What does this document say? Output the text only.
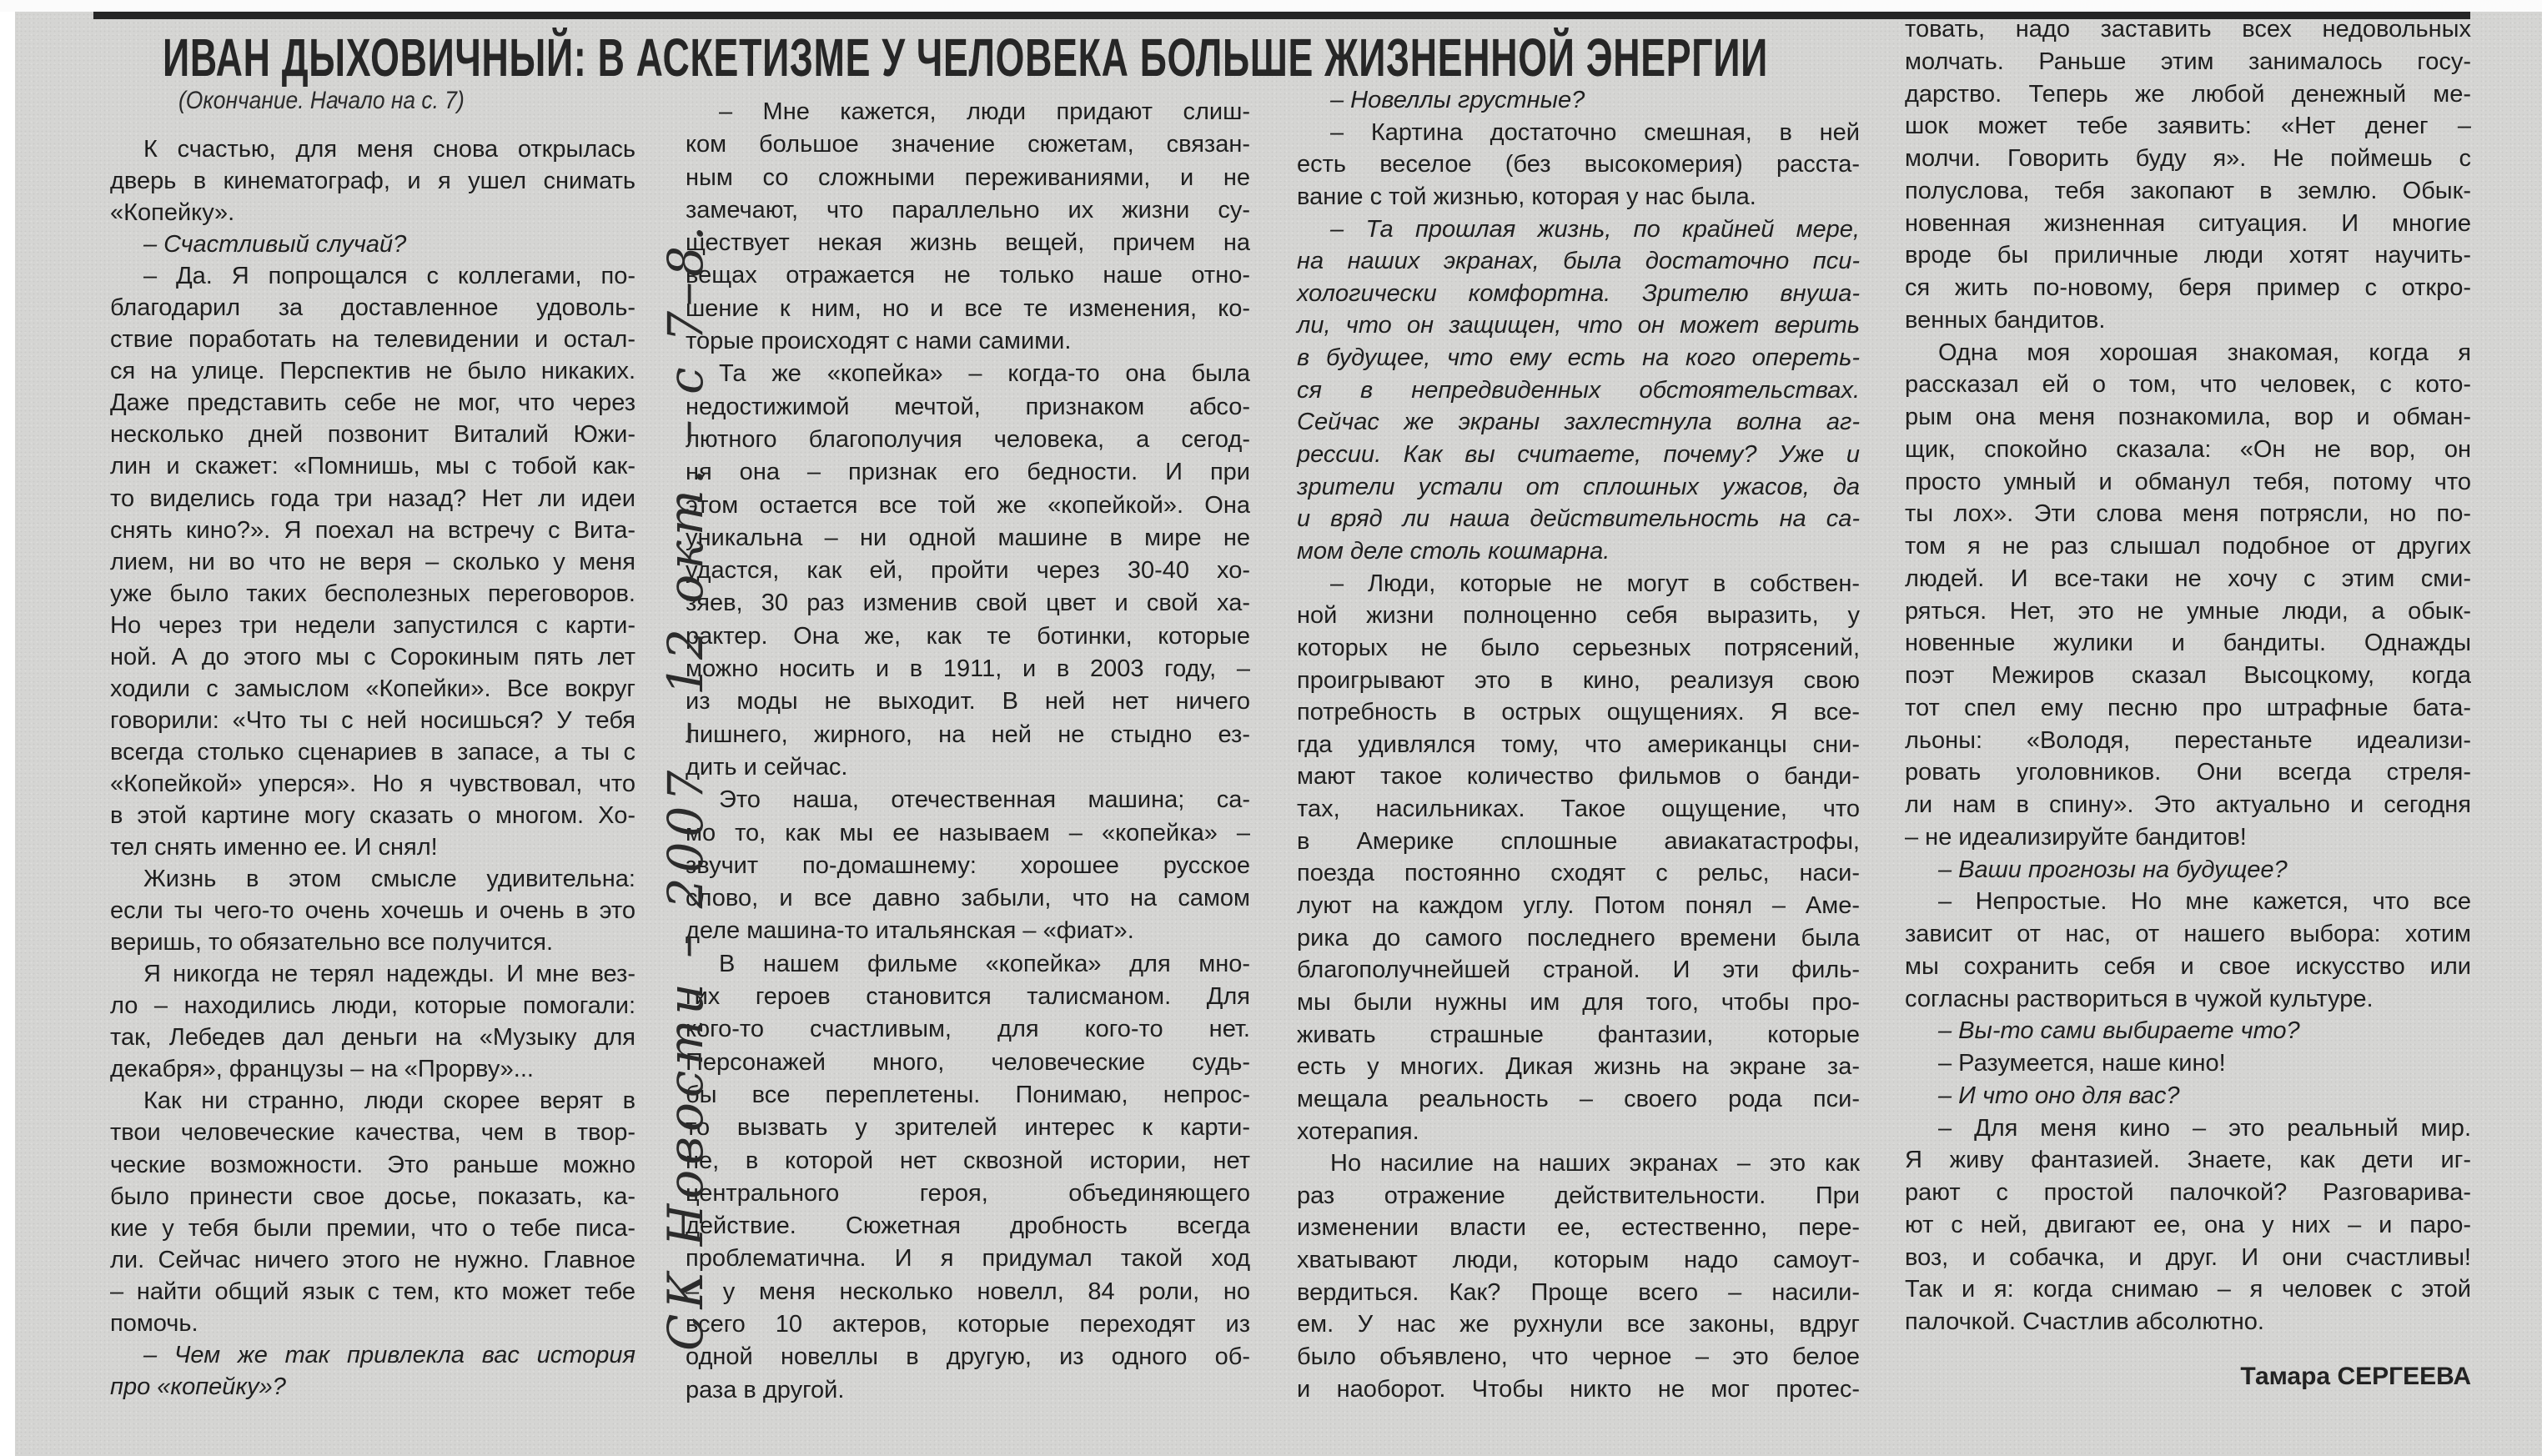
ИВАН ДЫХОВИЧНЫЙ: В АСКЕТИЗМЕ У ЧЕЛОВЕКА БОЛЬШЕ ЖИЗНЕННОЙ ЭНЕРГИИ
(Окончание. Начало на с. 7)
К счастью, для меня снова открылась
дверь в кинематограф, и я ушел снимать
«Копейку».
– Счастливый случай?
– Да. Я попрощался с коллегами, по-
благодарил за доставленное удоволь-
ствие поработать на телевидении и остал-
ся на улице. Перспектив не было никаких.
Даже представить себе не мог, что через
несколько дней позвонит Виталий Южи-
лин и скажет: «Помнишь, мы с тобой как-
то виделись года три назад? Нет ли идеи
снять кино?». Я поехал на встречу с Вита-
лием, ни во что не веря – сколько у меня
уже было таких бесполезных переговоров.
Но через три недели запустился с карти-
ной. А до этого мы с Сорокиным пять лет
ходили с замыслом «Копейки». Все вокруг
говорили: «Что ты с ней носишься? У тебя
всегда столько сценариев в запасе, а ты с
«Копейкой» уперся». Но я чувствовал, что
в этой картине могу сказать о многом. Хо-
тел снять именно ее. И снял!
Жизнь в этом смысле удивительна:
если ты чего-то очень хочешь и очень в это
веришь, то обязательно все получится.
Я никогда не терял надежды. И мне вез-
ло – находились люди, которые помогали:
так, Лебедев дал деньги на «Музыку для
декабря», французы – на «Прорву»...
Как ни странно, люди скорее верят в
твои человеческие качества, чем в твор-
ческие возможности. Это раньше можно
было принести свое досье, показать, ка-
кие у тебя были премии, что о тебе писа-
ли. Сейчас ничего этого не нужно. Главное
– найти общий язык с тем, кто может тебе
помочь.
– Чем же так привлекла вас история
про «копейку»?
– Мне кажется, люди придают слиш-
ком большое значение сюжетам, связан-
ным со сложными переживаниями, и не
замечают, что параллельно их жизни су-
ществует некая жизнь вещей, причем на
вещах отражается не только наше отно-
шение к ним, но и все те изменения, ко-
торые происходят с нами самими.
Та же «копейка» – когда-то она была
недостижимой мечтой, признаком абсо-
лютного благополучия человека, а сегод-
ня она – признак его бедности. И при
этом остается все той же «копейкой». Она
уникальна – ни одной машине в мире не
удастся, как ей, пройти через 30-40 хо-
зяев, 30 раз изменив свой цвет и свой ха-
рактер. Она же, как те ботинки, которые
можно носить и в 1911, и в 2003 году, –
из моды не выходит. В ней нет ничего
лишнего, жирного, на ней не стыдно ез-
дить и сейчас.
Это наша, отечественная машина; са-
мо то, как мы ее называем – «копейка» –
звучит по-домашнему: хорошее русское
слово, и все давно забыли, что на самом
деле машина-то итальянская – «фиат».
В нашем фильме «копейка» для мно-
гих героев становится талисманом. Для
кого-то счастливым, для кого-то нет.
Персонажей много, человеческие судь-
бы все переплетены. Понимаю, непрос-
то вызвать у зрителей интерес к карти-
не, в которой нет сквозной истории, нет
центрального героя, объединяющего
действие. Сюжетная дробность всегда
проблематична. И я придумал такой ход
– у меня несколько новелл, 84 роли, но
всего 10 актеров, которые переходят из
одной новеллы в другую, из одного об-
раза в другой.
– Новеллы грустные?
– Картина достаточно смешная, в ней
есть веселое (без высокомерия) расста-
вание с той жизнью, которая у нас была.
– Та прошлая жизнь, по крайней мере,
на наших экранах, была достаточно пси-
хологически комфортна. Зрителю внуша-
ли, что он защищен, что он может верить
в будущее, что ему есть на кого опереть-
ся в непредвиденных обстоятельствах.
Сейчас же экраны захлестнула волна аг-
рессии. Как вы считаете, почему? Уже и
зрители устали от сплошных ужасов, да
и вряд ли наша действительность на са-
мом деле столь кошмарна.
– Люди, которые не могут в собствен-
ной жизни полноценно себя выразить, у
которых не было серьезных потрясений,
проигрывают это в кино, реализуя свою
потребность в острых ощущениях. Я все-
гда удивлялся тому, что американцы сни-
мают такое количество фильмов о банди-
тах, насильниках. Такое ощущение, что
в Америке сплошные авиакатастрофы,
поезда постоянно сходят с рельс, наси-
луют на каждом углу. Потом понял – Аме-
рика до самого последнего времени была
благополучнейшей страной. И эти филь-
мы были нужны им для того, чтобы про-
живать страшные фантазии, которые
есть у многих. Дикая жизнь на экране за-
мещала реальность – своего рода пси-
хотерапия.
Но насилие на наших экранах – это как
раз отражение действительности. При
изменении власти ее, естественно, пере-
хватывают люди, которым надо самоут-
вердиться. Как? Проще всего – насили-
ем. У нас же рухнули все законы, вдруг
было объявлено, что черное – это белое
и наоборот. Чтобы никто не мог протес-
товать, надо заставить всех недовольных
молчать. Раньше этим занималось госу-
дарство. Теперь же любой денежный ме-
шок может тебе заявить: «Нет денег –
молчи. Говорить буду я». Не поймешь с
полуслова, тебя закопают в землю. Обык-
новенная жизненная ситуация. И многие
вроде бы приличные люди хотят научить-
ся жить по-новому, беря пример с откро-
венных бандитов.
Одна моя хорошая знакомая, когда я
рассказал ей о том, что человек, с кото-
рым она меня познакомила, вор и обман-
щик, спокойно сказала: «Он не вор, он
просто умный и обманул тебя, потому что
ты лох». Эти слова меня потрясли, но по-
том я не раз слышал подобное от других
людей. И все-таки не хочу с этим сми-
ряться. Нет, это не умные люди, а обык-
новенные жулики и бандиты. Однажды
поэт Межиров сказал Высоцкому, когда
тот спел ему песню про штрафные бата-
льоны: «Володя, перестаньте идеализи-
ровать уголовников. Они всегда стреля-
ли нам в спину». Это актуально и сегодня
– не идеализируйте бандитов!
– Ваши прогнозы на будущее?
– Непростые. Но мне кажется, что все
зависит от нас, от нашего выбора: хотим
мы сохранить себя и свое искусство или
согласны раствориться в чужой культуре.
– Вы-то сами выбираете что?
– Разумеется, наше кино!
– И что оно для вас?
– Для меня кино – это реальный мир.
Я живу фантазией. Знаете, как дети иг-
рают с простой палочкой? Разговарива-
ют с ней, двигают ее, она у них – и паро-
воз, и собачка, и друг. И они счастливы!
Так и я: когда снимаю – я человек с этой
палочкой. Счастлив абсолютно.
СК Новости – 2007 – 12 окт. – с 7–8.
Тамара СЕРГЕЕВА
